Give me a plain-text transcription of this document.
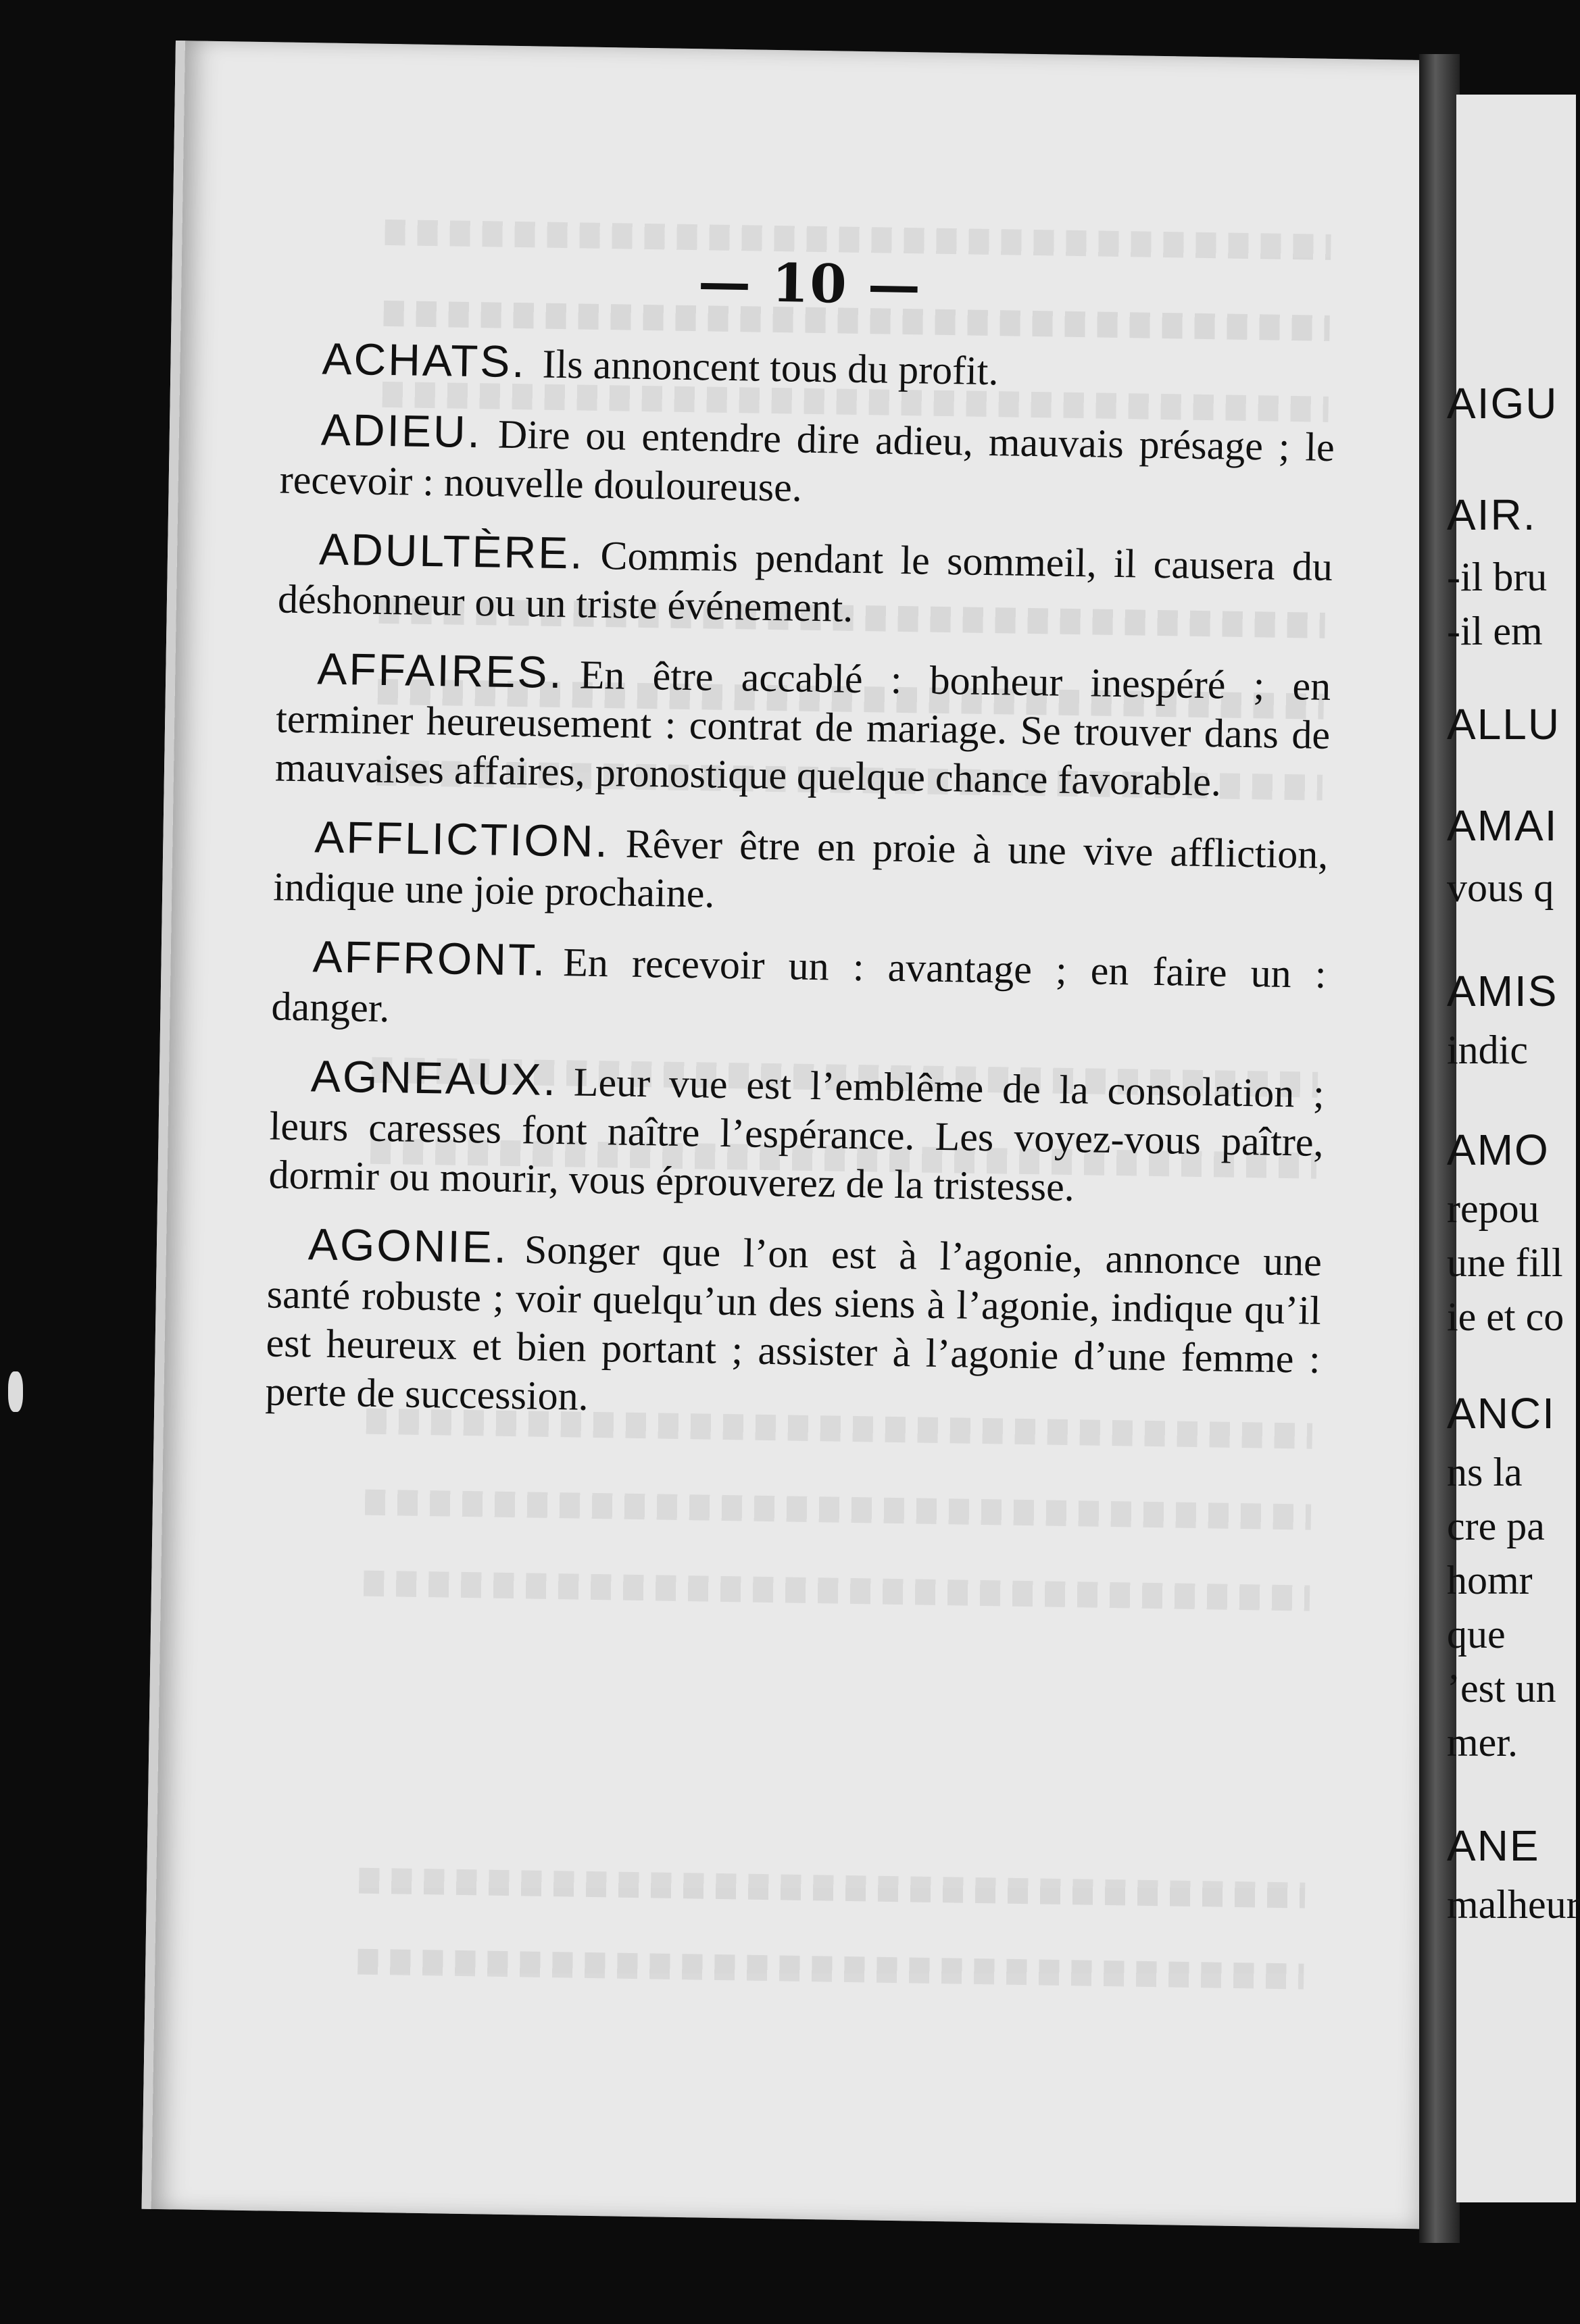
— 10 —

ACHATS. Ils annoncent tous du profit.

ADIEU. Dire ou entendre dire adieu, mauvais présage ; le recevoir : nouvelle douloureuse.

ADULTÈRE. Commis pendant le sommeil, il causera du déshonneur ou un triste événement.

AFFAIRES. En être accablé : bonheur inespéré ; en terminer heureusement : contrat de mariage. Se trouver dans de mauvaises affaires, pronostique quelque chance favorable.

AFFLICTION. Rêver être en proie à une vive affliction, indique une joie prochaine.

AFFRONT. En recevoir un : avantage ; en faire un : danger.

AGNEAUX. Leur vue est l’emblême de la consolation ; leurs caresses font naître l’espérance. Les voyez-vous paître, dormir ou mourir, vous éprouverez de la tristesse.

AGONIE. Songer que l’on est à l’agonie, annonce une santé robuste ; voir quelqu’un des siens à l’agonie, indique qu’il est heureux et bien portant ; assister à l’agonie d’une femme : perte de succession.

AIGU
AIR.
-il bru
-il em
ALLU
AMAI
vous q
AMIS
indic
AMO
repou
une fill
ie et co
ANCI
ns la
cre pa
homr
que
’est un
mer.
ANE
malheur
